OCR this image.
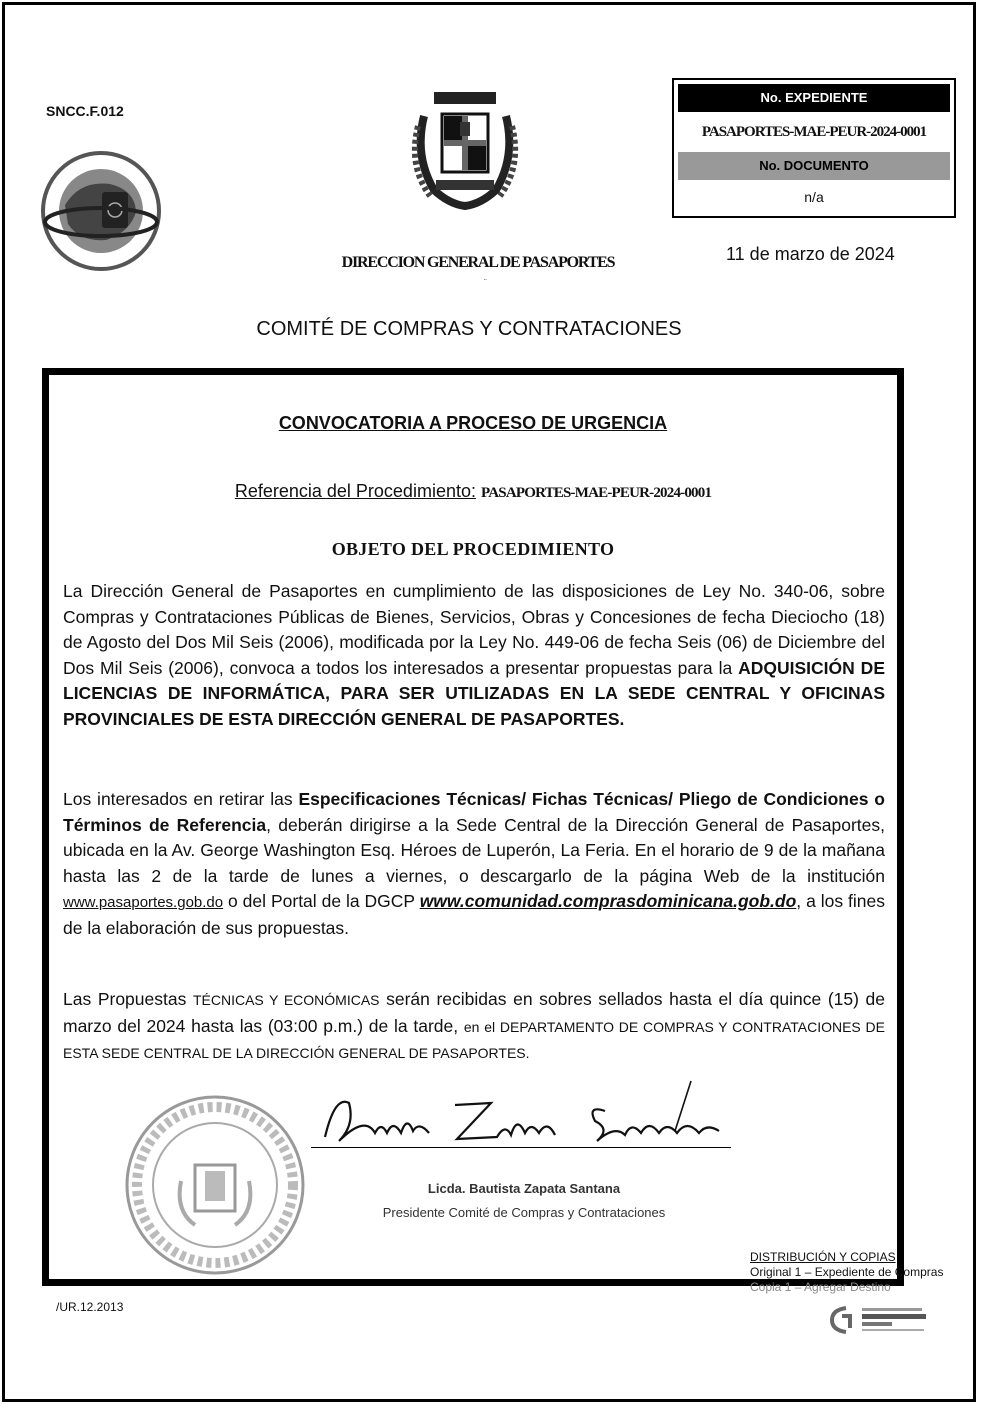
SNCC.F.012
DIRECCION GENERAL DE PASAPORTES
¨
No. EXPEDIENTE
PASAPORTES-MAE-PEUR-2024-0001
No. DOCUMENTO
n/a
11 de marzo de 2024
COMITÉ DE COMPRAS Y CONTRATACIONES
CONVOCATORIA A PROCESO DE URGENCIA
Referencia del Procedimiento: PASAPORTES-MAE-PEUR-2024-0001
OBJETO DEL PROCEDIMIENTO
La Dirección General de Pasaportes en cumplimiento de las disposiciones de Ley No. 340-06, sobre Compras y Contrataciones Públicas de Bienes, Servicios, Obras y Concesiones de fecha Dieciocho (18) de Agosto del Dos Mil Seis (2006), modificada por la Ley No. 449-06 de fecha Seis (06) de Diciembre del Dos Mil Seis (2006), convoca a todos los interesados a presentar propuestas para la ADQUISICIÓN DE LICENCIAS DE INFORMÁTICA, PARA SER UTILIZADAS EN LA SEDE CENTRAL Y OFICINAS PROVINCIALES DE ESTA DIRECCIÓN GENERAL DE PASAPORTES.
Los interesados en retirar las Especificaciones Técnicas/ Fichas Técnicas/ Pliego de Condiciones o Términos de Referencia, deberán dirigirse a la Sede Central de la Dirección General de Pasaportes, ubicada en la Av. George Washington Esq. Héroes de Luperón, La Feria. En el horario de 9 de la mañana hasta las 2 de la tarde de lunes a viernes, o descargarlo de la página Web de la institución www.pasaportes.gob.do o del Portal de la DGCP www.comunidad.comprasdominicana.gob.do, a los fines de la elaboración de sus propuestas.
Las Propuestas TÉCNICAS Y ECONÓMICAS serán recibidas en sobres sellados hasta el día quince (15) de marzo del 2024 hasta las (03:00 p.m.) de la tarde, en el DEPARTAMENTO DE COMPRAS Y CONTRATACIONES DE ESTA SEDE CENTRAL DE LA DIRECCIÓN GENERAL DE PASAPORTES.
Licda. Bautista Zapata Santana
Presidente Comité de Compras y Contrataciones
DISTRIBUCIÓN Y COPIAS
Original 1 – Expediente de Compras
Copia 1 – Agregar Destino
/UR.12.2013
